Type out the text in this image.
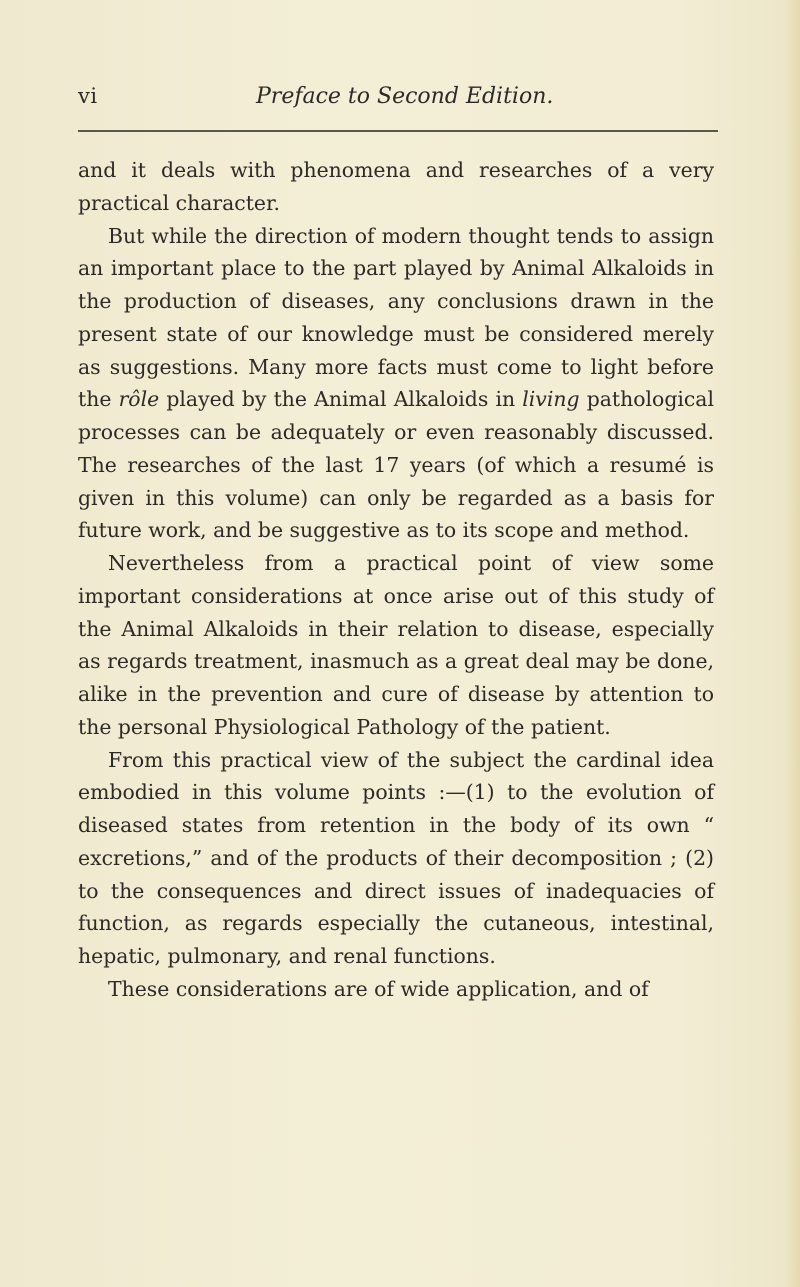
vi	Preface to Second Edition.

and it deals with phenomena and researches of a very practical character.

But while the direction of modern thought tends to assign an important place to the part played by Animal Alkaloids in the production of diseases, any conclusions drawn in the present state of our knowledge must be considered merely as suggestions. Many more facts must come to light before the rôle played by the Animal Alkaloids in living pathological processes can be adequately or even reasonably discussed. The researches of the last 17 years (of which a resumé is given in this volume) can only be regarded as a basis for future work, and be suggestive as to its scope and method.

Nevertheless from a practical point of view some important considerations at once arise out of this study of the Animal Alkaloids in their relation to disease, especially as regards treatment, inasmuch as a great deal may be done, alike in the prevention and cure of disease by attention to the personal Physiological Pathology of the patient.

From this practical view of the subject the cardinal idea embodied in this volume points :—(1) to the evolution of diseased states from retention in the body of its own “ excretions,” and of the products of their decomposition ; (2) to the consequences and direct issues of inadequacies of function, as regards especially the cutaneous, intestinal, hepatic, pulmonary, and renal functions.

These considerations are of wide application, and of
